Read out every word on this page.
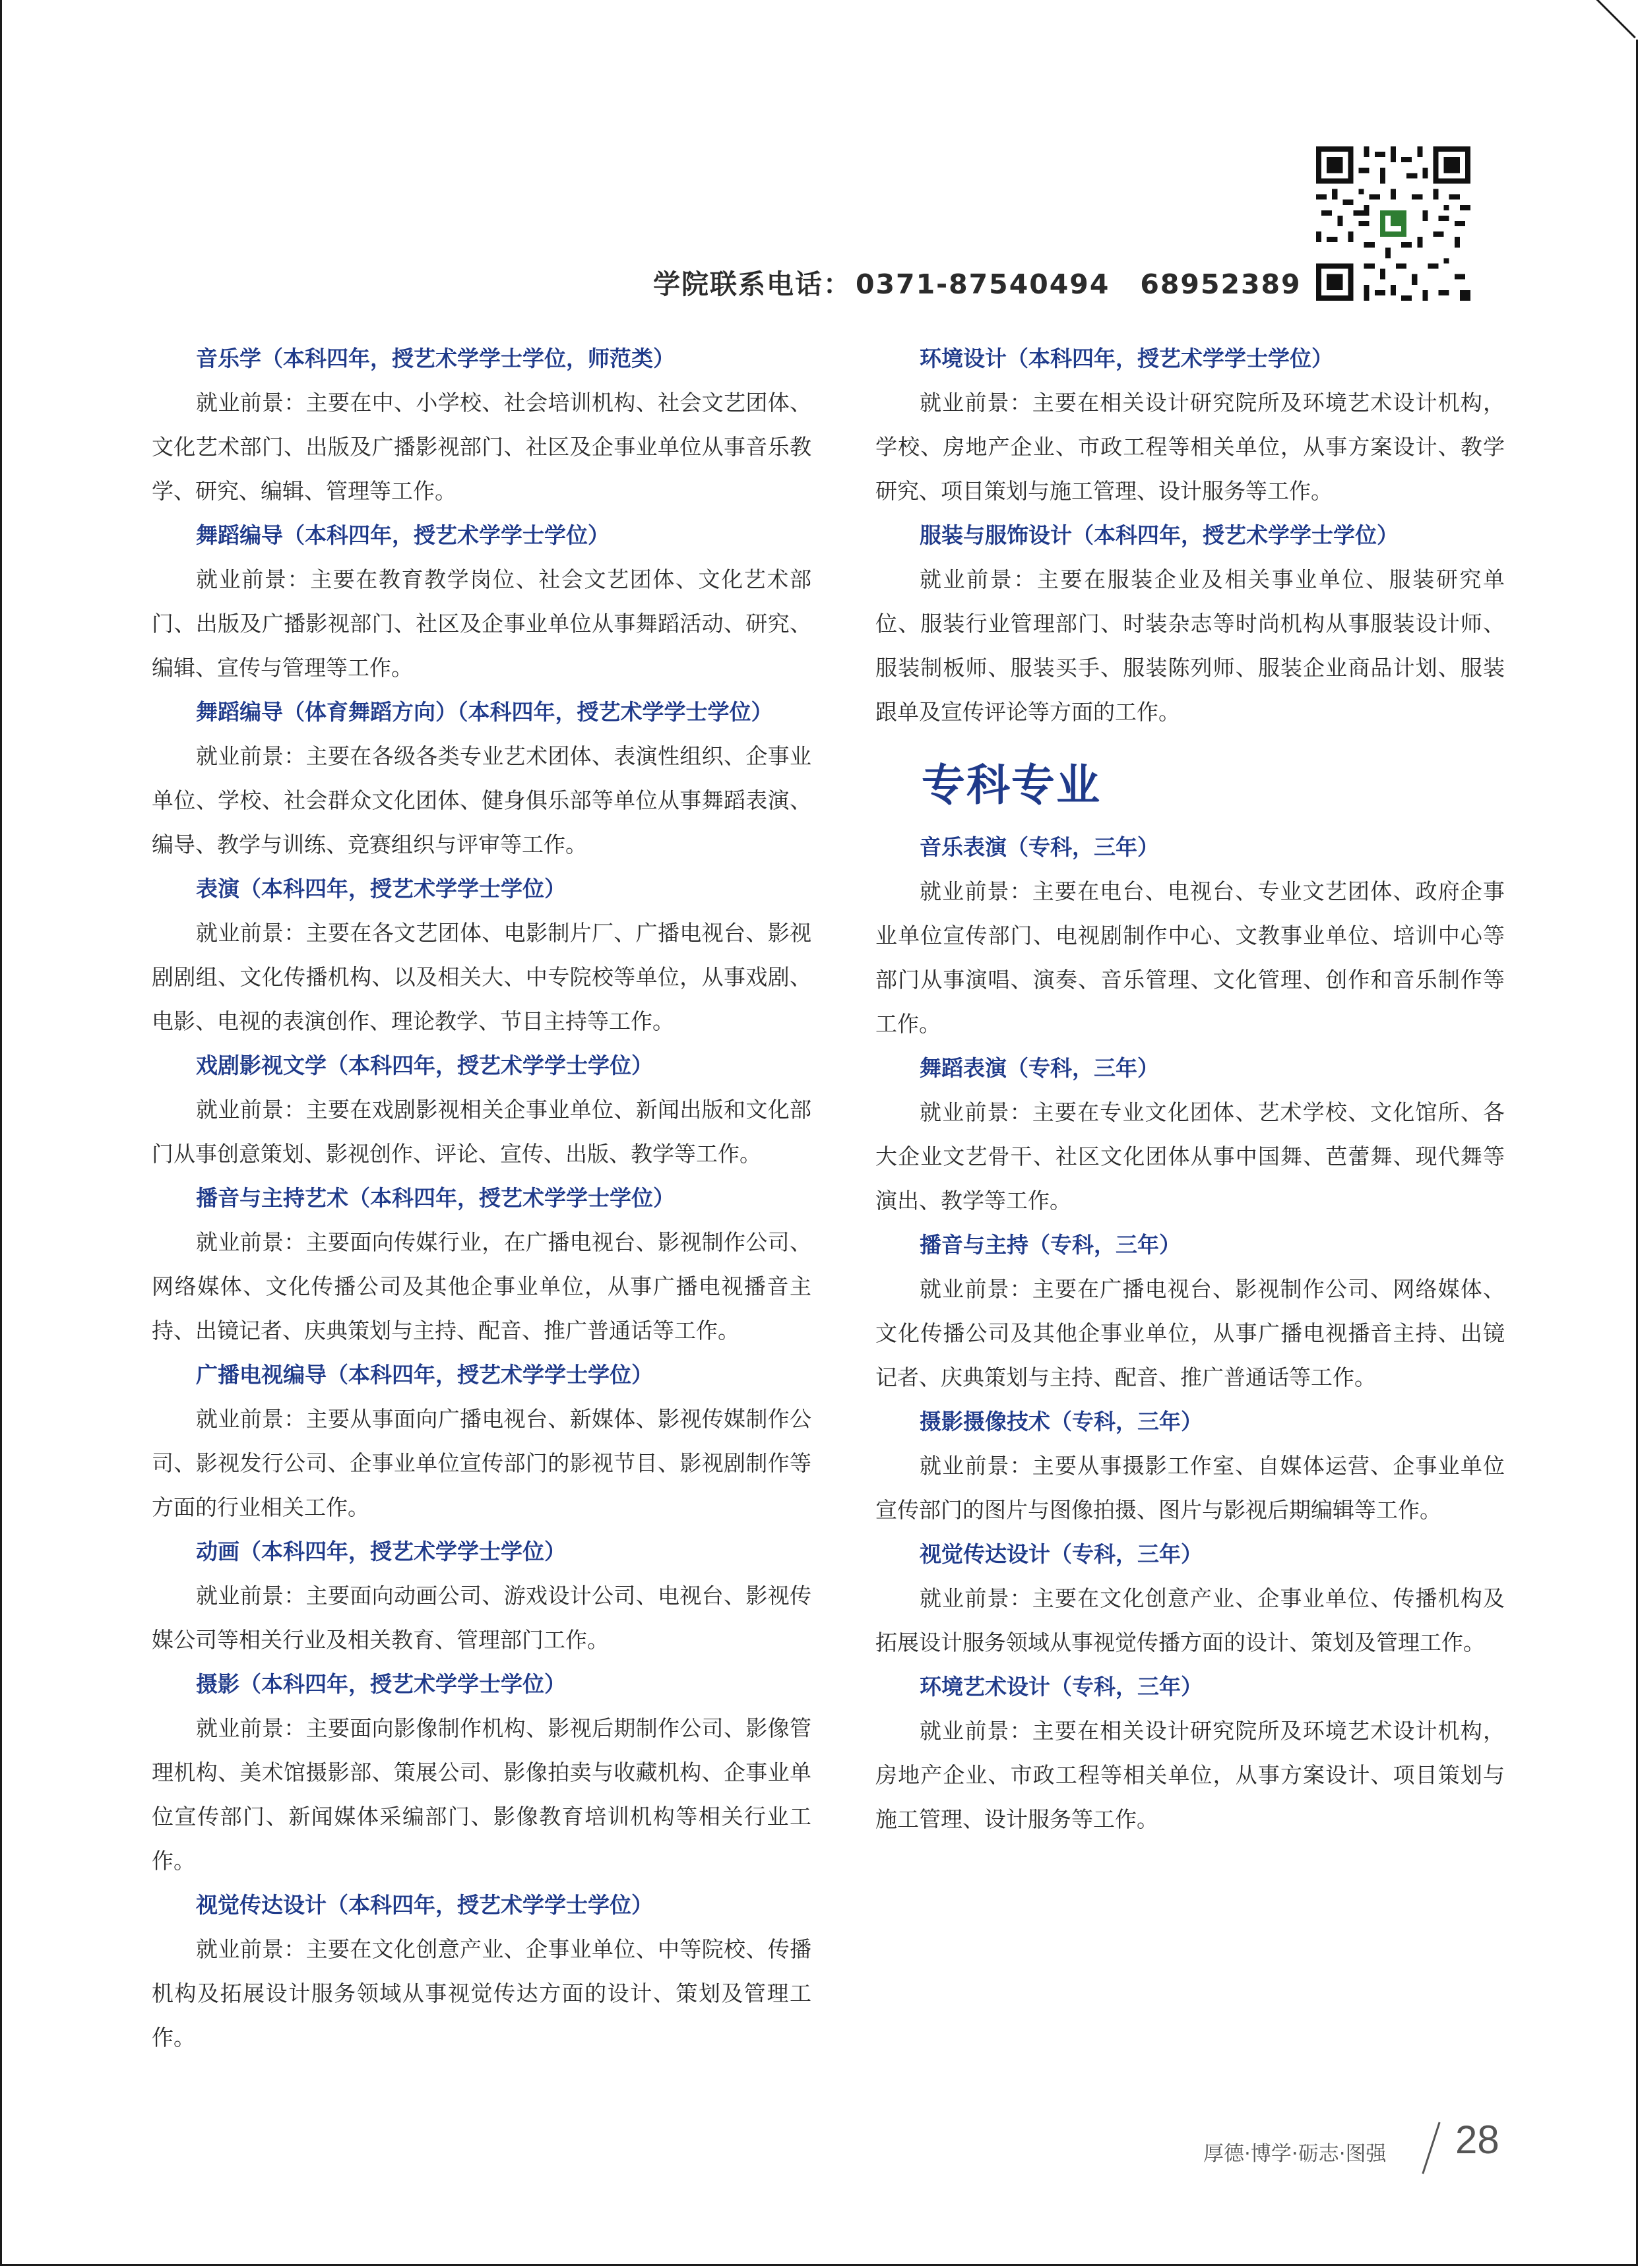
学院联系电话： 0371-87540494 68952389
音乐学（本科四年，授艺术学学士学位，师范类）

就业前景：主要在中、小学校、社会培训机构、社会文艺团体、文化艺术部门、出版及广播影视部门、社区及企事业单位从事音乐教学、研究、编辑、管理等工作。

舞蹈编导（本科四年，授艺术学学士学位）

就业前景：主要在教育教学岗位、社会文艺团体、文化艺术部门、出版及广播影视部门、社区及企事业单位从事舞蹈活动、研究、编辑、宣传与管理等工作。

舞蹈编导（体育舞蹈方向）（本科四年，授艺术学学士学位）

就业前景：主要在各级各类专业艺术团体、表演性组织、企事业单位、学校、社会群众文化团体、健身俱乐部等单位从事舞蹈表演、编导、教学与训练、竞赛组织与评审等工作。

表演（本科四年，授艺术学学士学位）

就业前景：主要在各文艺团体、电影制片厂、广播电视台、影视剧剧组、文化传播机构、以及相关大、中专院校等单位，从事戏剧、电影、电视的表演创作、理论教学、节目主持等工作。

戏剧影视文学（本科四年，授艺术学学士学位）

就业前景：主要在戏剧影视相关企事业单位、新闻出版和文化部门从事创意策划、影视创作、评论、宣传、出版、教学等工作。

播音与主持艺术（本科四年，授艺术学学士学位）

就业前景：主要面向传媒行业，在广播电视台、影视制作公司、网络媒体、文化传播公司及其他企事业单位，从事广播电视播音主持、出镜记者、庆典策划与主持、配音、推广普通话等工作。

广播电视编导（本科四年，授艺术学学士学位）

就业前景：主要从事面向广播电视台、新媒体、影视传媒制作公司、影视发行公司、企事业单位宣传部门的影视节目、影视剧制作等方面的行业相关工作。

动画（本科四年，授艺术学学士学位）

就业前景：主要面向动画公司、游戏设计公司、电视台、影视传媒公司等相关行业及相关教育、管理部门工作。

摄影（本科四年，授艺术学学士学位）

就业前景：主要面向影像制作机构、影视后期制作公司、影像管理机构、美术馆摄影部、策展公司、影像拍卖与收藏机构、企事业单位宣传部门、新闻媒体采编部门、影像教育培训机构等相关行业工作。

视觉传达设计（本科四年，授艺术学学士学位）

就业前景：主要在文化创意产业、企事业单位、中等院校、传播机构及拓展设计服务领域从事视觉传达方面的设计、策划及管理工作。

环境设计（本科四年，授艺术学学士学位）

就业前景：主要在相关设计研究院所及环境艺术设计机构，学校、房地产企业、市政工程等相关单位，从事方案设计、教学研究、项目策划与施工管理、设计服务等工作。

服装与服饰设计（本科四年，授艺术学学士学位）

就业前景：主要在服装企业及相关事业单位、服装研究单位、服装行业管理部门、时装杂志等时尚机构从事服装设计师、服装制板师、服装买手、服装陈列师、服装企业商品计划、服装跟单及宣传评论等方面的工作。

专科专业
音乐表演（专科，三年）

就业前景：主要在电台、电视台、专业文艺团体、政府企事业单位宣传部门、电视剧制作中心、文教事业单位、培训中心等部门从事演唱、演奏、音乐管理、文化管理、创作和音乐制作等工作。

舞蹈表演（专科，三年）

就业前景：主要在专业文化团体、艺术学校、文化馆所、各大企业文艺骨干、社区文化团体从事中国舞、芭蕾舞、现代舞等演出、教学等工作。

播音与主持（专科，三年）

就业前景：主要在广播电视台、影视制作公司、网络媒体、文化传播公司及其他企事业单位，从事广播电视播音主持、出镜记者、庆典策划与主持、配音、推广普通话等工作。

摄影摄像技术（专科，三年）

就业前景：主要从事摄影工作室、自媒体运营、企事业单位宣传部门的图片与图像拍摄、图片与影视后期编辑等工作。

视觉传达设计（专科，三年）

就业前景：主要在文化创意产业、企事业单位、传播机构及拓展设计服务领域从事视觉传播方面的设计、策划及管理工作。

环境艺术设计（专科，三年）

就业前景：主要在相关设计研究院所及环境艺术设计机构，房地产企业、市政工程等相关单位，从事方案设计、项目策划与施工管理、设计服务等工作。

厚德·博学·砺志·图强 28
